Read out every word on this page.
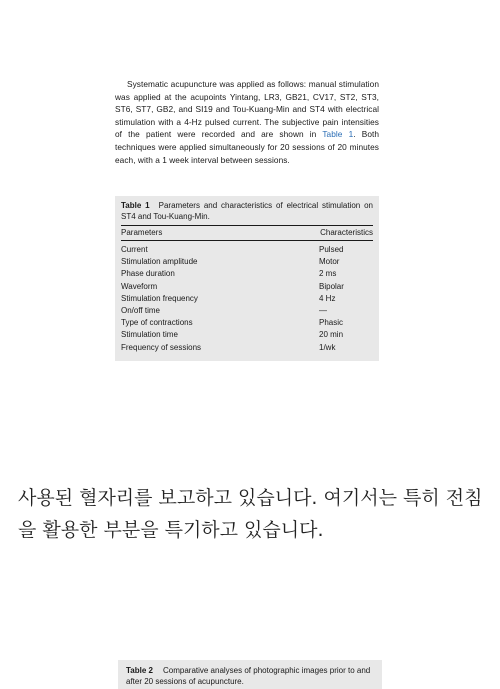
Systematic acupuncture was applied as follows: manual stimulation was applied at the acupoints Yintang, LR3, GB21, CV17, ST2, ST3, ST6, ST7, GB2, and SI19 and Tou-Kuang-Min and ST4 with electrical stimulation with a 4-Hz pulsed current. The subjective pain intensities of the patient were recorded and are shown in Table 1. Both techniques were applied simultaneously for 20 sessions of 20 minutes each, with a 1 week interval between sessions.

Table 1 Parameters and characteristics of electrical stimulation on ST4 and Tou-Kuang-Min.

Parameters	Characteristics
Current	Pulsed
Stimulation amplitude	Motor
Phase duration	2 ms
Waveform	Bipolar
Stimulation frequency	4 Hz
On/off time	—
Type of contractions	Phasic
Stimulation time	20 min
Frequency of sessions	1/wk

사용된 혈자리를 보고하고 있습니다. 여기서는 특히 전침을 활용한 부분을 특기하고 있습니다.

Table 2 Comparative analyses of photographic images prior to and after 20 sessions of acupuncture.
